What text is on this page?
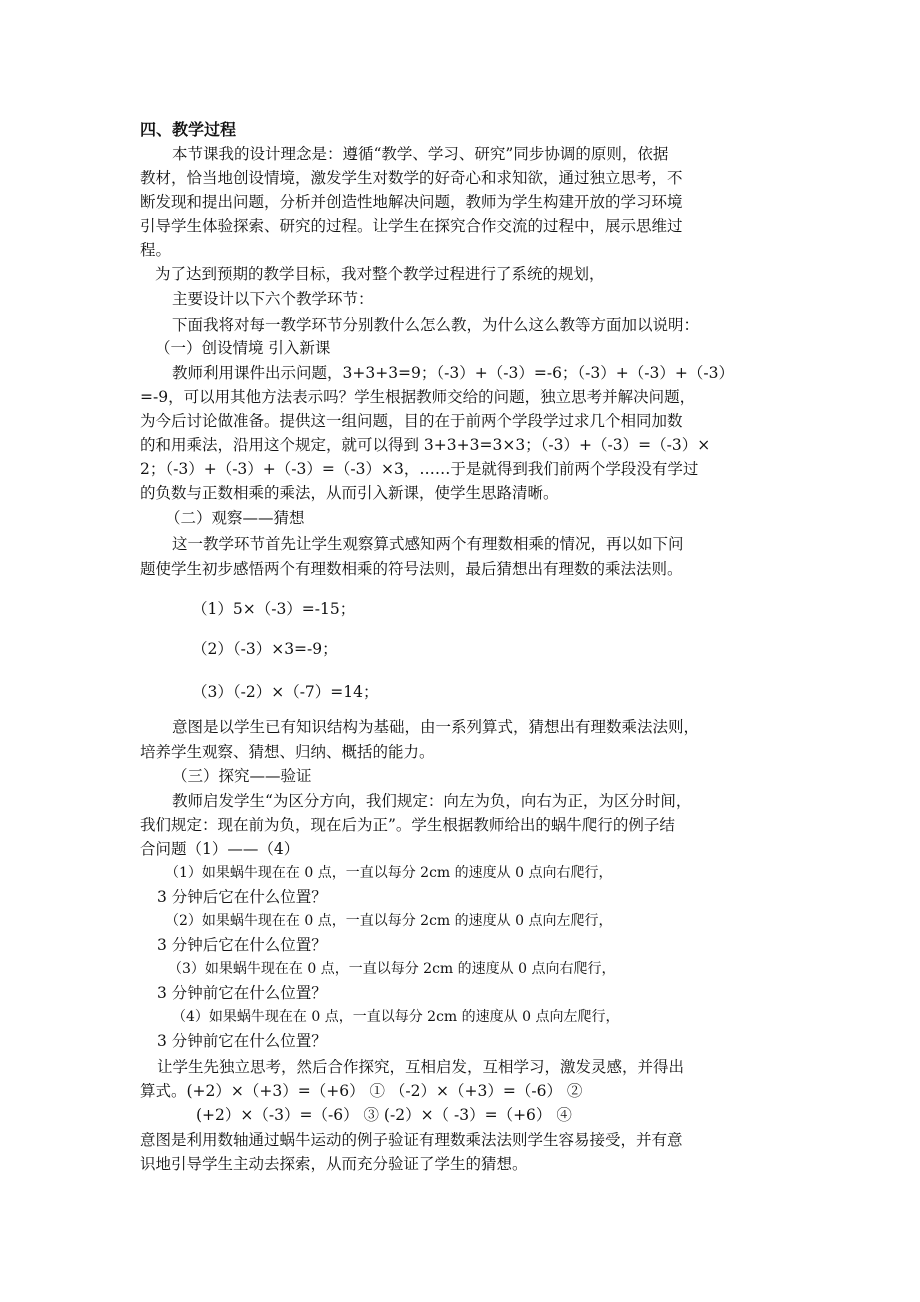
四、教学过程
本节课我的设计理念是：遵循“教学、学习、研究”同步协调的原则，依据
教材，恰当地创设情境，激发学生对数学的好奇心和求知欲，通过独立思考，不
断发现和提出问题，分析并创造性地解决问题，教师为学生构建开放的学习环境
引导学生体验探索、研究的过程。让学生在探究合作交流的过程中，展示思维过
程。
为了达到预期的教学目标，我对整个教学过程进行了系统的规划，
主要设计以下六个教学环节：
下面我将对每一教学环节分别教什么怎么教，为什么这么教等方面加以说明：
（一）创设情境 引入新课
教师利用课件出示问题，3+3+3=9；（-3）+（-3）=-6；（-3）+（-3）+（-3）
=-9，可以用其他方法表示吗？学生根据教师交给的问题，独立思考并解决问题，
为今后讨论做准备。提供这一组问题，目的在于前两个学段学过求几个相同加数
的和用乘法，沿用这个规定，就可以得到 3+3+3=3×3；（-3）+（-3）=（-3）×
2；（-3）+（-3）+（-3）=（-3）×3，……于是就得到我们前两个学段没有学过
的负数与正数相乘的乘法，从而引入新课，使学生思路清晰。
（二）观察——猜想
这一教学环节首先让学生观察算式感知两个有理数相乘的情况，再以如下问
题使学生初步感悟两个有理数相乘的符号法则，最后猜想出有理数的乘法法则。
（1）5×（-3）=-15；
（2）（-3）×3=-9；
（3）（-2）×（-7）=14；
意图是以学生已有知识结构为基础，由一系列算式，猜想出有理数乘法法则，
培养学生观察、猜想、归纳、概括的能力。
（三）探究——验证
教师启发学生“为区分方向，我们规定：向左为负，向右为正，为区分时间，
我们规定：现在前为负，现在后为正”。学生根据教师给出的蜗牛爬行的例子结
合问题（1）——（4）
（1）如果蜗牛现在在 0 点，一直以每分 2cm 的速度从 0 点向右爬行，
3 分钟后它在什么位置？
（2）如果蜗牛现在在 0 点，一直以每分 2cm 的速度从 0 点向左爬行，
3 分钟后它在什么位置？
（3）如果蜗牛现在在 0 点，一直以每分 2cm 的速度从 0 点向右爬行，
3 分钟前它在什么位置？
（4）如果蜗牛现在在 0 点，一直以每分 2cm 的速度从 0 点向左爬行，
3 分钟前它在什么位置？
让学生先独立思考，然后合作探究，互相启发，互相学习，激发灵感，并得出
算式。(+2）×（+3）=（+6） ① （-2）×（+3）=（-6） ②
(+2）×（-3）=（-6） ③ (-2）×（ -3）=（+6） ④
意图是利用数轴通过蜗牛运动的例子验证有理数乘法法则学生容易接受，并有意
识地引导学生主动去探索，从而充分验证了学生的猜想。
